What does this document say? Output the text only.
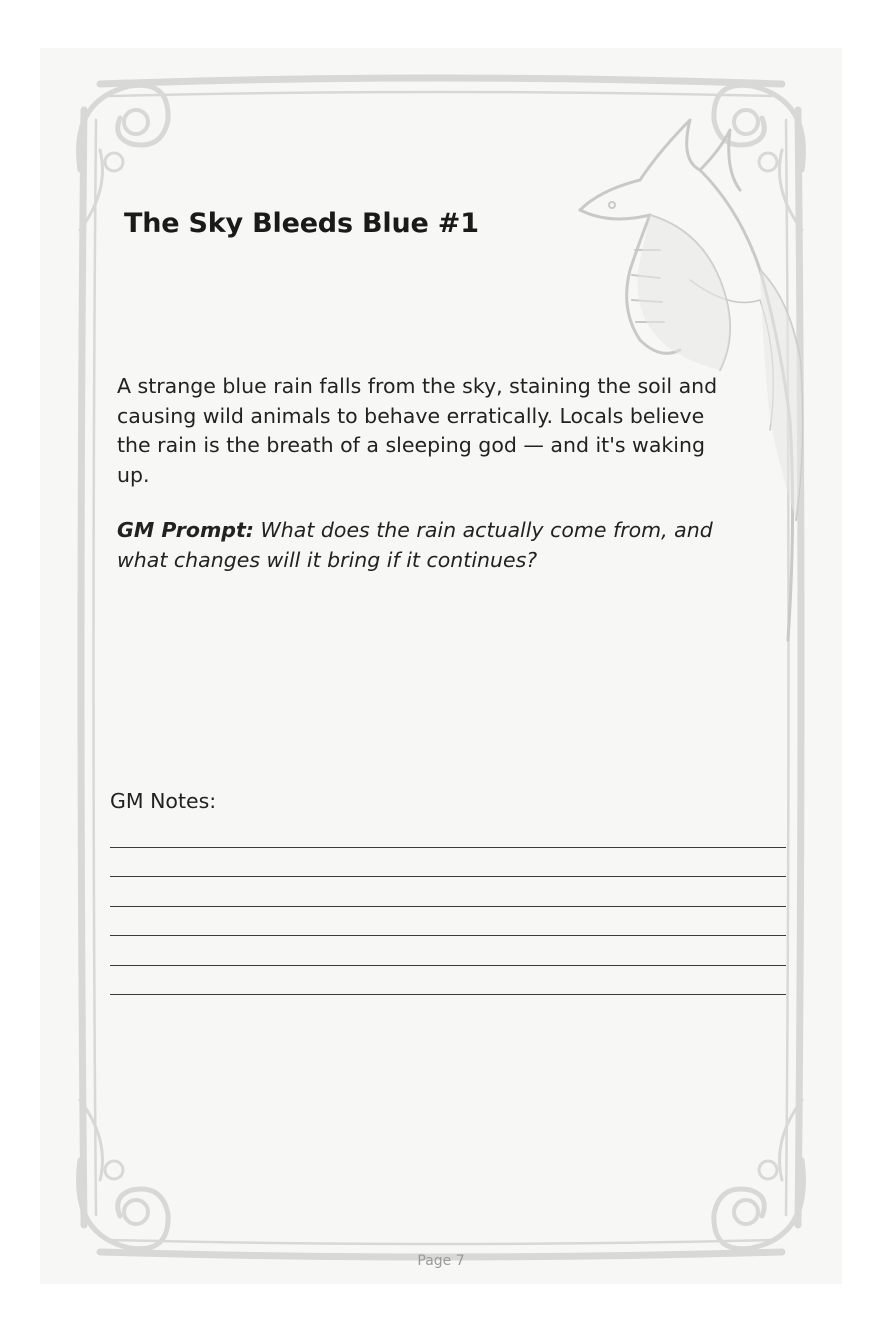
The Sky Bleeds Blue #1
A strange blue rain falls from the sky, staining the soil and causing wild animals to behave erratically. Locals believe the rain is the breath of a sleeping god — and it's waking up.
GM Prompt: What does the rain actually come from, and what changes will it bring if it continues?
GM Notes:
Page 7
